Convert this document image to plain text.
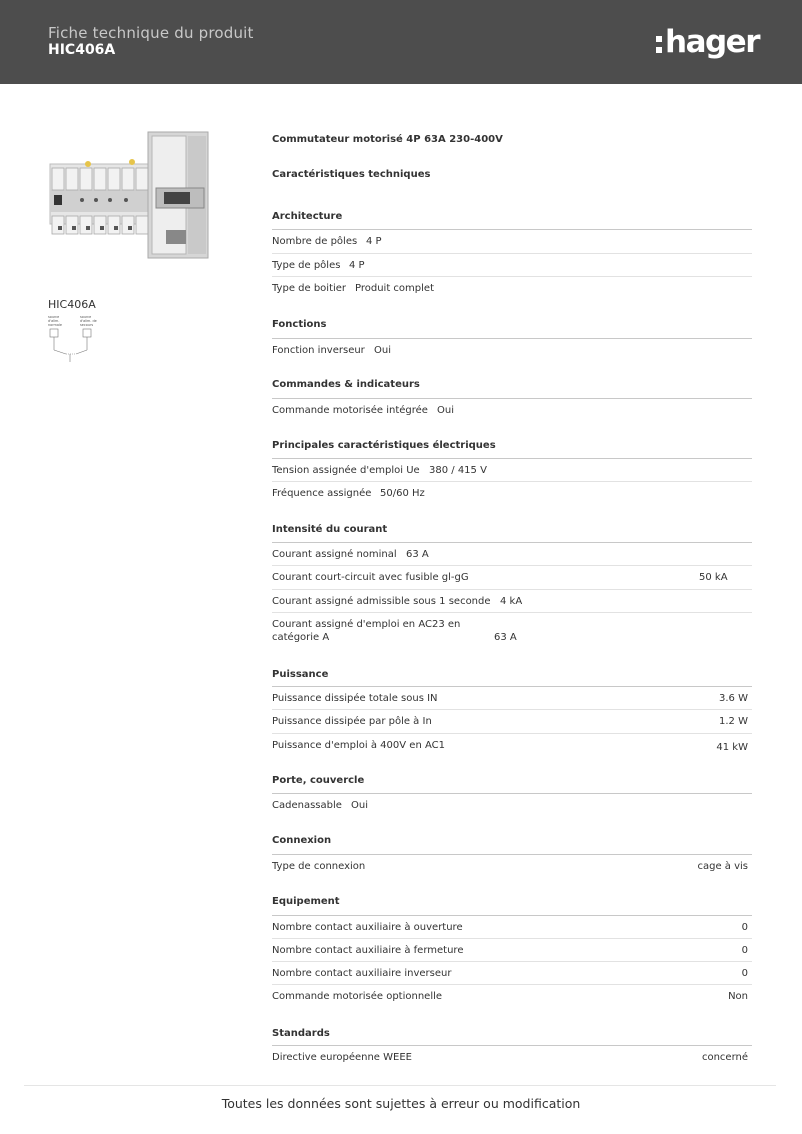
Fiche technique du produit
HIC406A	hager
HIC406A
source
d'alim.
normale
source
d'alim. de
secours
Commutateur motorisé 4P 63A 230-400V
Caractéristiques techniques
Architecture
Nombre de pôles 4 P
Type de pôles 4 P
Type de boitier Produit complet
Fonctions
Fonction inverseur Oui
Commandes & indicateurs
Commande motorisée intégrée Oui
Principales caractéristiques électriques
Tension assignée d'emploi Ue 380 / 415 V
Fréquence assignée 50/60 Hz
Intensité du courant
Courant assigné nominal 63 A
Courant court-circuit avec fusible gl-gG	50 kA
Courant assigné admissible sous 1 seconde 4 kA
Courant assigné d'emploi en AC23 en
catégorie A	63 A
Puissance
Puissance dissipée totale sous IN	3.6 W
Puissance dissipée par pôle à In	1.2 W
Puissance d'emploi à 400V en AC1	41 kW
Porte, couvercle
Cadenassable Oui
Connexion
Type de connexion	cage à vis
Equipement
Nombre contact auxiliaire à ouverture	0
Nombre contact auxiliaire à fermeture	0
Nombre contact auxiliaire inverseur	0
Commande motorisée optionnelle	Non
Standards
Directive européenne WEEE	concerné
Toutes les données sont sujettes à erreur ou modification
